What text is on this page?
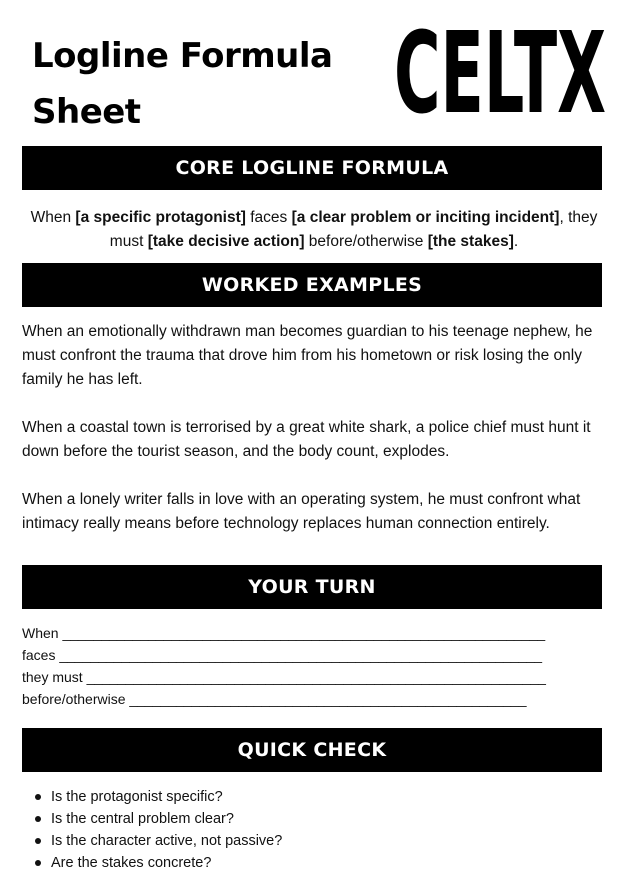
Logline Formula
Sheet	CELTX
CORE LOGLINE FORMULA
When [a specific protagonist] faces [a clear problem or inciting incident], they must [take decisive action] before/otherwise [the stakes].
WORKED EXAMPLES
When an emotionally withdrawn man becomes guardian to his teenage nephew, he must confront the trauma that drove him from his hometown or risk losing the only family he has left.
When a coastal town is terrorised by a great white shark, a police chief must hunt it down before the tourist season, and the body count, explodes.
When a lonely writer falls in love with an operating system, he must confront what intimacy really means before technology replaces human connection entirely.
YOUR TURN
When ______________________________________________________________
faces ______________________________________________________________
they must ___________________________________________________________
before/otherwise ___________________________________________________
QUICK CHECK
Is the protagonist specific?
Is the central problem clear?
Is the character active, not passive?
Are the stakes concrete?
